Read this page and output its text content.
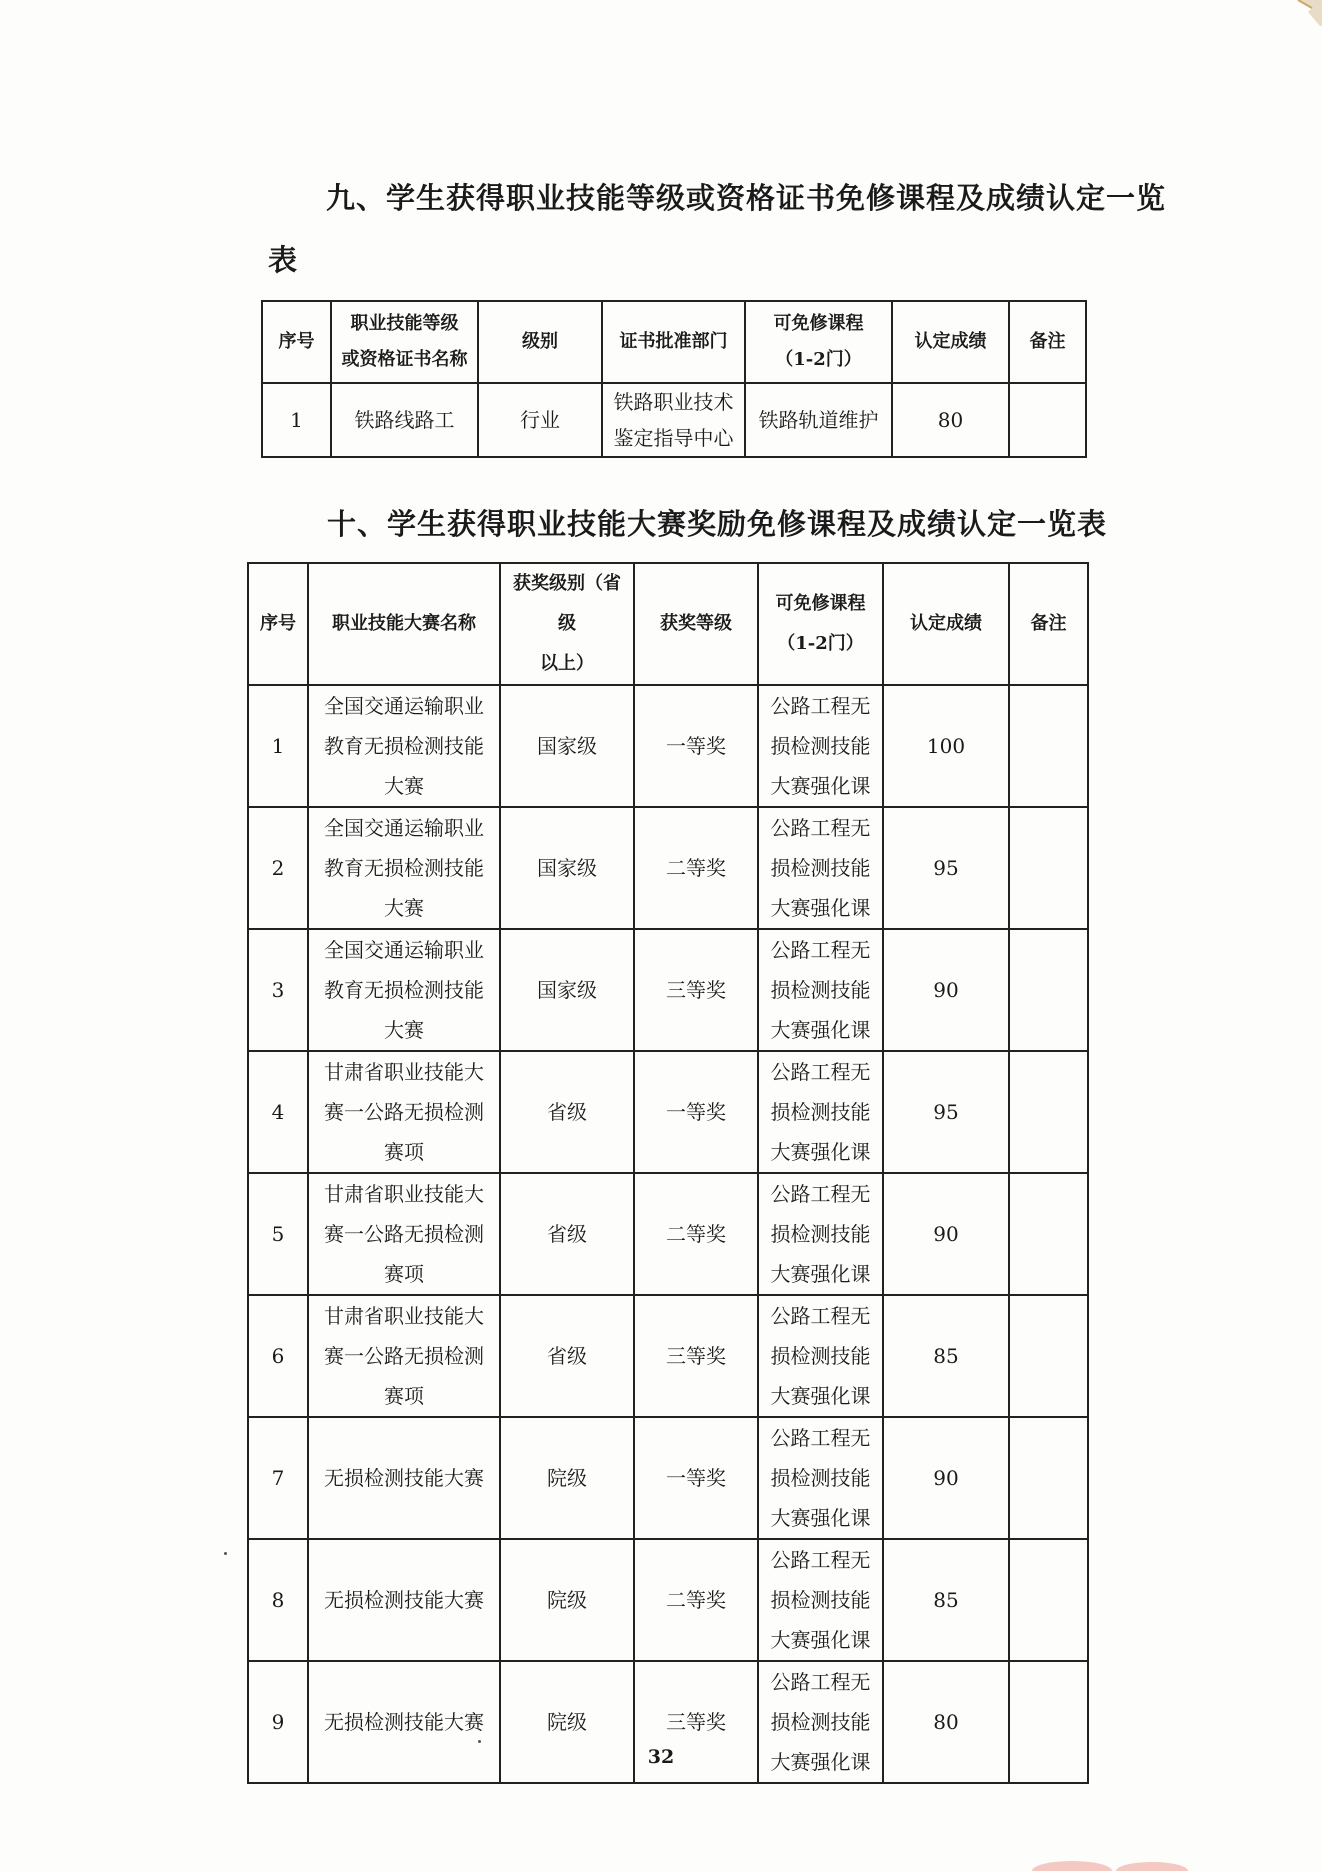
九、学生获得职业技能等级或资格证书免修课程及成绩认定一览
表
序号	职业技能等级
或资格证书名称	级别	证书批准部门	可免修课程
（1-2门）	认定成绩	备注
1	铁路线路工	行业	铁路职业技术
鉴定指导中心	铁路轨道维护	80	
十、学生获得职业技能大赛奖励免修课程及成绩认定一览表
序号	职业技能大赛名称	获奖级别（省级
以上）	获奖等级	可免修课程
（1-2门）	认定成绩	备注
1	全国交通运输职业
教育无损检测技能
大赛	国家级	一等奖	公路工程无
损检测技能
大赛强化课	100	
2	全国交通运输职业
教育无损检测技能
大赛	国家级	二等奖	公路工程无
损检测技能
大赛强化课	95	
3	全国交通运输职业
教育无损检测技能
大赛	国家级	三等奖	公路工程无
损检测技能
大赛强化课	90	
4	甘肃省职业技能大
赛一公路无损检测
赛项	省级	一等奖	公路工程无
损检测技能
大赛强化课	95	
5	甘肃省职业技能大
赛一公路无损检测
赛项	省级	二等奖	公路工程无
损检测技能
大赛强化课	90	
6	甘肃省职业技能大
赛一公路无损检测
赛项	省级	三等奖	公路工程无
损检测技能
大赛强化课	85	
7	无损检测技能大赛	院级	一等奖	公路工程无
损检测技能
大赛强化课	90	
8	无损检测技能大赛	院级	二等奖	公路工程无
损检测技能
大赛强化课	85	
9	无损检测技能大赛	院级	三等奖	公路工程无
损检测技能
大赛强化课	80	
32
